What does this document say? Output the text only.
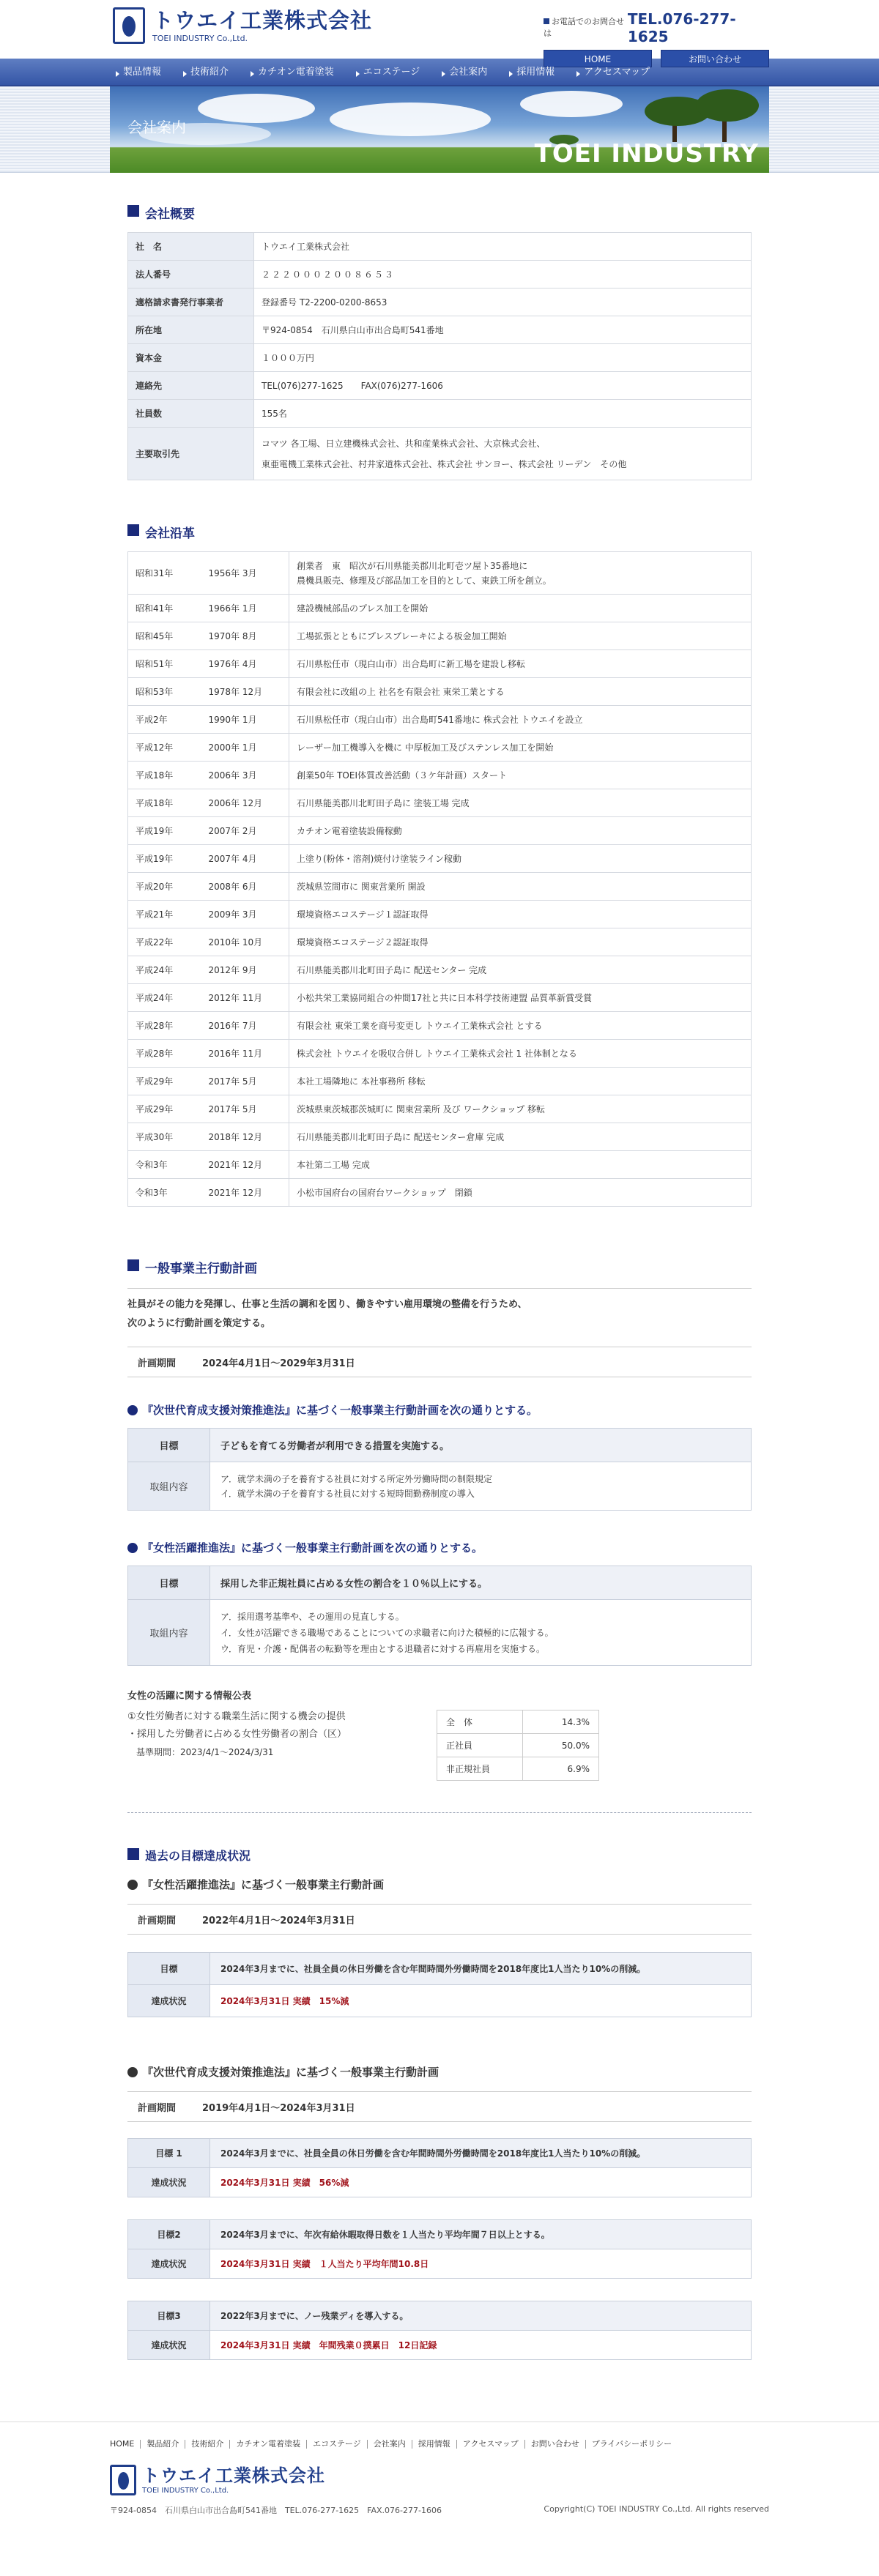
トウエイ工業株式会社
TOEI INDUSTRY Co.,Ltd.
お電話でのお問合せは
TEL.076-277-1625
HOME	お問い合わせ
製品情報	技術紹介	カチオン電着塗装	エコステージ	会社案内	採用情報	アクセスマップ
会社案内
TOEI INDUSTRY
会社概要
社　名	トウエイ工業株式会社
法人番号	２２２０００２００８６５３
適格請求書発行事業者	登録番号 T2-2200-0200-8653
所在地	〒924-0854　石川県白山市出合島町541番地
資本金	１０００万円
連絡先	TEL(076)277-1625　　FAX(076)277-1606
社員数	155名
主要取引先	コマツ 各工場、日立建機株式会社、共和産業株式会社、大京株式会社、
東亜電機工業株式会社、村井家道株式会社、株式会社 サンヨー、株式会社 リーデン　その他
会社沿革
昭和31年	1956年 3月	創業者　東　昭次が石川県能美郡川北町壱ツ屋ト35番地に
農機具販売、修理及び部品加工を目的として、東鉄工所を創立。

昭和41年	1966年 1月	建設機械部品のプレス加工を開始
昭和45年	1970年 8月	工場拡張とともにプレスブレーキによる板金加工開始
昭和51年	1976年 4月	石川県松任市（現白山市）出合島町に新工場を建設し移転
昭和53年	1978年 12月	有限会社に改組の上 社名を有限会社 東栄工業とする
平成2年	1990年 1月	石川県松任市（現白山市）出合島町541番地に 株式会社 トウエイを設立
平成12年	2000年 1月	レーザー加工機導入を機に 中厚板加工及びステンレス加工を開始
平成18年	2006年 3月	創業50年 TOEI体質改善活動（３ケ年計画）スタート
平成18年	2006年 12月	石川県能美郡川北町田子島に 塗装工場 完成
平成19年	2007年 2月	カチオン電着塗装設備稼動
平成19年	2007年 4月	上塗り(粉体・溶剤)焼付け塗装ライン稼動
平成20年	2008年 6月	茨城県笠間市に 関東営業所 開設
平成21年	2009年 3月	環境資格エコステージ１認証取得
平成22年	2010年 10月	環境資格エコステージ２認証取得
平成24年	2012年 9月	石川県能美郡川北町田子島に 配送センター 完成
平成24年	2012年 11月	小松共栄工業協同組合の仲間17社と共に日本科学技術連盟 品質革新賞受賞
平成28年	2016年 7月	有限会社 東栄工業を商号変更し トウエイ工業株式会社 とする
平成28年	2016年 11月	株式会社 トウエイを吸収合併し トウエイ工業株式会社 1 社体制となる
平成29年	2017年 5月	本社工場隣地に 本社事務所 移転
平成29年	2017年 5月	茨城県東茨城郡茨城町に 関東営業所 及び ワークショップ 移転
平成30年	2018年 12月	石川県能美郡川北町田子島に 配送センター倉庫 完成
令和3年	2021年 12月	本社第二工場 完成
令和3年	2021年 12月	小松市国府台の国府台ワークショップ　閉鎖
一般事業主行動計画
社員がその能力を発揮し、仕事と生活の調和を図り、働きやすい雇用環境の整備を行うため、
次のように行動計画を策定する。
計画期間	2024年4月1日〜2029年3月31日
『次世代育成支援対策推進法』に基づく一般事業主行動計画を次の通りとする。
目標	子どもを育てる労働者が利用できる措置を実施する。
取組内容	ア．就学未満の子を養育する社員に対する所定外労働時間の制限規定
イ．就学未満の子を養育する社員に対する短時間勤務制度の導入
『女性活躍推進法』に基づく一般事業主行動計画を次の通りとする。
目標	採用した非正規社員に占める女性の割合を１０％以上にする。
取組内容	ア．採用選考基準や、その運用の見直しする。
イ．女性が活躍できる職場であることについての求職者に向けた積極的に広報する。
ウ．育児・介護・配偶者の転勤等を理由とする退職者に対する再雇用を実施する。
女性の活躍に関する情報公表
①女性労働者に対する職業生活に関する機会の提供
・採用した労働者に占める女性労働者の割合（区）
基準期間：2023/4/1〜2024/3/31
全　体	14.3%
正社員	50.0%
非正規社員	6.9%
過去の目標達成状況
『女性活躍推進法』に基づく一般事業主行動計画
計画期間	2022年4月1日〜2024年3月31日
目標	2024年3月までに、社員全員の休日労働を含む年間時間外労働時間を2018年度比1人当たり10%の削減。
達成状況	2024年3月31日 実績　15%減
『次世代育成支援対策推進法』に基づく一般事業主行動計画
計画期間	2019年4月1日〜2024年3月31日
目標 1	2024年3月までに、社員全員の休日労働を含む年間時間外労働時間を2018年度比1人当たり10%の削減。
達成状況	2024年3月31日 実績　56%減
目標2	2024年3月までに、年次有給休暇取得日数を１人当たり平均年間７日以上とする。
達成状況	2024年3月31日 実績　１人当たり平均年間10.8日
目標3	2022年3月までに、ノー残業ディを導入する。
達成状況	2024年3月31日 実績　年間残業０撲累日　12日記録
HOME	製品紹介	技術紹介	カチオン電着塗装	エコステージ	会社案内	採用情報	アクセスマップ	お問い合わせ	プライバシーポリシー
トウエイ工業株式会社
TOEI INDUSTRY Co.,Ltd.
〒924-0854　石川県白山市出合島町541番地　TEL.076-277-1625　FAX.076-277-1606	Copyright(C) TOEI INDUSTRY Co.,Ltd. All rights reserved
